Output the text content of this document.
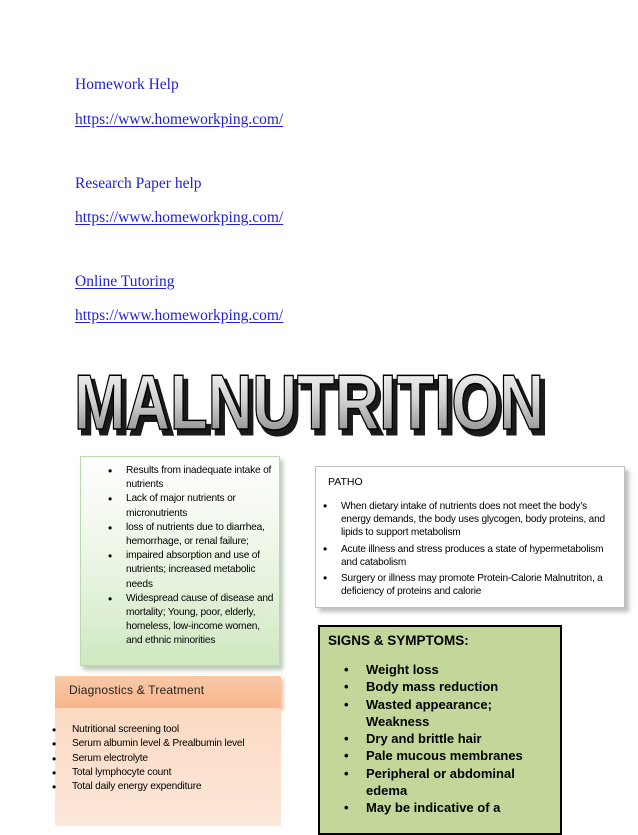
Homework Help
https://www.homeworkping.com/
Research Paper help
https://www.homeworkping.com/
Online Tutoring
https://www.homeworkping.com/
MALNUTRITION
MALNUTRITION
• Results from inadequate intake of nutrients
• Lack of major nutrients or micronutrients
• loss of nutrients due to diarrhea, hemorrhage, or renal failure;
• impaired absorption and use of nutrients; increased metabolic needs
• Widespread cause of disease and mortality; Young, poor, elderly, homeless, low-income women, and ethnic minorities
PATHO
• When dietary intake of nutrients does not meet the body’s energy demands, the body uses glycogen, body proteins, and lipids to support metabolism
• Acute illness and stress produces a state of hypermetabolism and catabolism
• Surgery or illness may promote Protein-Calorie Malnutriton, a deficiency of proteins and calorie
SIGNS & SYMPTOMS:
• Weight loss
• Body mass reduction
• Wasted appearance; Weakness
• Dry and brittle hair
• Pale mucous membranes
• Peripheral or abdominal edema
• May be indicative of a
Diagnostics & Treatment
• Nutritional screening tool
• Serum albumin level & Prealbumin level
• Serum electrolyte
• Total lymphocyte count
• Total daily energy expenditure
